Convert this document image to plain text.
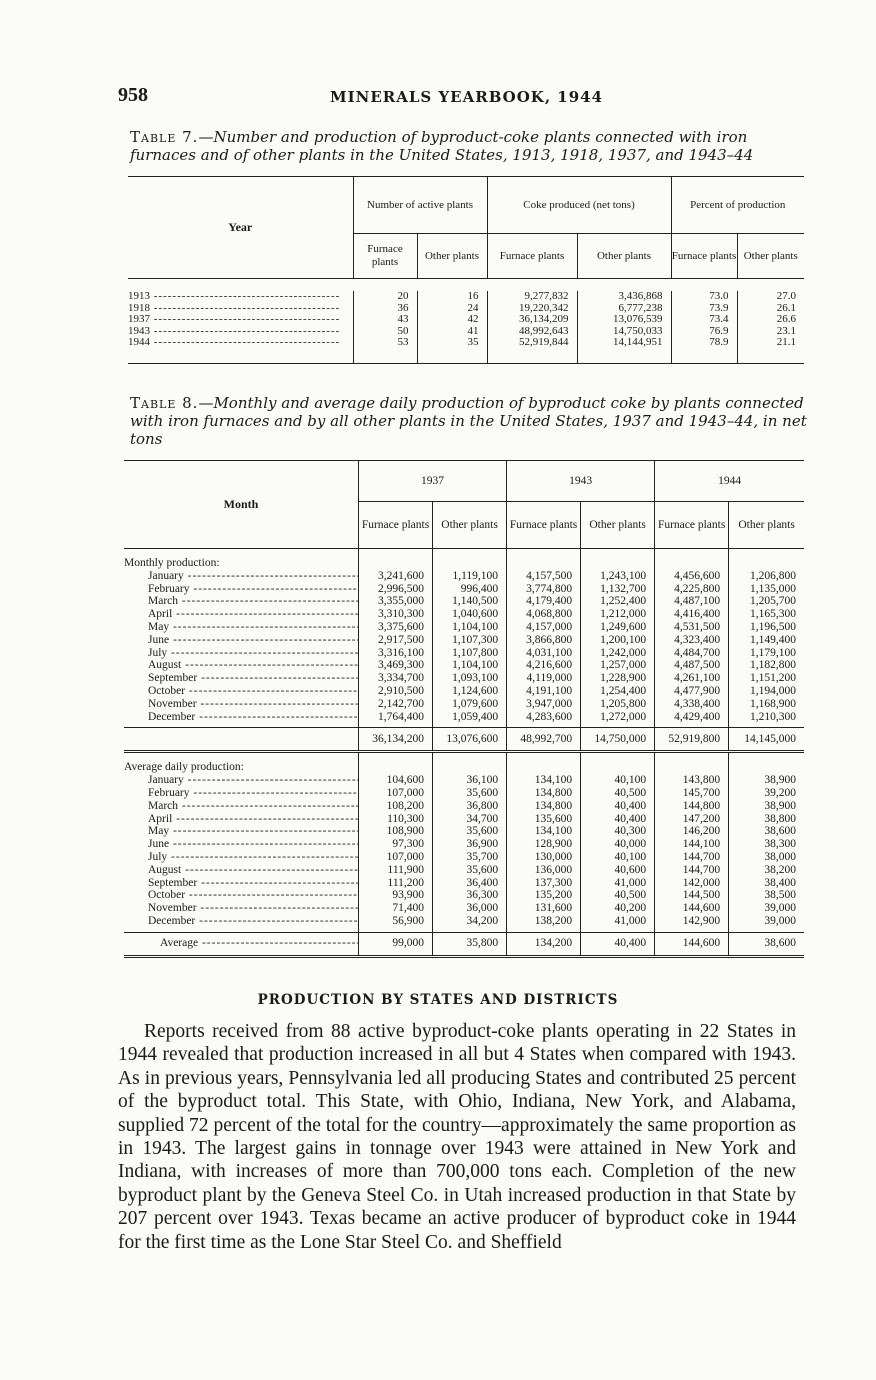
958	MINERALS YEARBOOK, 1944
Table 7.—Number and production of byproduct-coke plants connected with iron furnaces and of other plants in the United States, 1913, 1918, 1937, and 1943–44
Year	Number of active plants		Coke produced (net tons)		Percent of production	
	Furnace plants	Other plants	Furnace plants	Other plants	Furnace plants	Other plants

1913 -----	20	16	9,277,832	3,436,868	73.0	27.0
1918 -----	36	24	19,220,342	6,777,238	73.9	26.1
1937 -----	43	42	36,134,209	13,076,539	73.4	26.6
1943 -----	50	41	48,992,643	14,750,033	76.9	23.1
1944 -----	53	35	52,919,844	14,144,951	78.9	21.1

Table 8.—Monthly and average daily production of byproduct coke by plants connected with iron furnaces and by all other plants in the United States, 1937 and 1943–44, in net tons
Month	1937		1943		1944	
	Furnace plants	Other plants	Furnace plants	Other plants	Furnace plants	Other plants
Monthly production:						
January -----	3,241,600	1,119,100	4,157,500	1,243,100	4,456,600	1,206,800
February -----	2,996,500	996,400	3,774,800	1,132,700	4,225,800	1,135,000
March -----	3,355,000	1,140,500	4,179,400	1,252,400	4,487,100	1,205,700
April -----	3,310,300	1,040,600	4,068,800	1,212,000	4,416,400	1,165,300
May -----	3,375,600	1,104,100	4,157,000	1,249,600	4,531,500	1,196,500
June -----	2,917,500	1,107,300	3,866,800	1,200,100	4,323,400	1,149,400
July -----	3,316,100	1,107,800	4,031,100	1,242,000	4,484,700	1,179,100
August -----	3,469,300	1,104,100	4,216,600	1,257,000	4,487,500	1,182,800
September -----	3,334,700	1,093,100	4,119,000	1,228,900	4,261,100	1,151,200
October -----	2,910,500	1,124,600	4,191,100	1,254,400	4,477,900	1,194,000
November -----	2,142,700	1,079,600	3,947,000	1,205,800	4,338,400	1,168,900
December -----	1,764,400	1,059,400	4,283,600	1,272,000	4,429,400	1,210,300

	36,134,200	13,076,600	48,992,700	14,750,000	52,919,800	14,145,000
Average daily production:						
January -----	104,600	36,100	134,100	40,100	143,800	38,900
February -----	107,000	35,600	134,800	40,500	145,700	39,200
March -----	108,200	36,800	134,800	40,400	144,800	38,900
April -----	110,300	34,700	135,600	40,400	147,200	38,800
May -----	108,900	35,600	134,100	40,300	146,200	38,600
June -----	97,300	36,900	128,900	40,000	144,100	38,300
July -----	107,000	35,700	130,000	40,100	144,700	38,000
August -----	111,900	35,600	136,000	40,600	144,700	38,200
September -----	111,200	36,400	137,300	41,000	142,000	38,400
October -----	93,900	36,300	135,200	40,500	144,500	38,500
November -----	71,400	36,000	131,600	40,200	144,600	39,000
December -----	56,900	34,200	138,200	41,000	142,900	39,000

Average -----	99,000	35,800	134,200	40,400	144,600	38,600
PRODUCTION BY STATES AND DISTRICTS
Reports received from 88 active byproduct-coke plants operating in 22 States in 1944 revealed that production increased in all but 4 States when compared with 1943. As in previous years, Pennsylvania led all producing States and contributed 25 percent of the byproduct total. This State, with Ohio, Indiana, New York, and Alabama, supplied 72 percent of the total for the country—approximately the same proportion as in 1943. The largest gains in tonnage over 1943 were attained in New York and Indiana, with increases of more than 700,000 tons each. Completion of the new byproduct plant by the Geneva Steel Co. in Utah increased production in that State by 207 percent over 1943. Texas became an active producer of byproduct coke in 1944 for the first time as the Lone Star Steel Co. and Sheffield
